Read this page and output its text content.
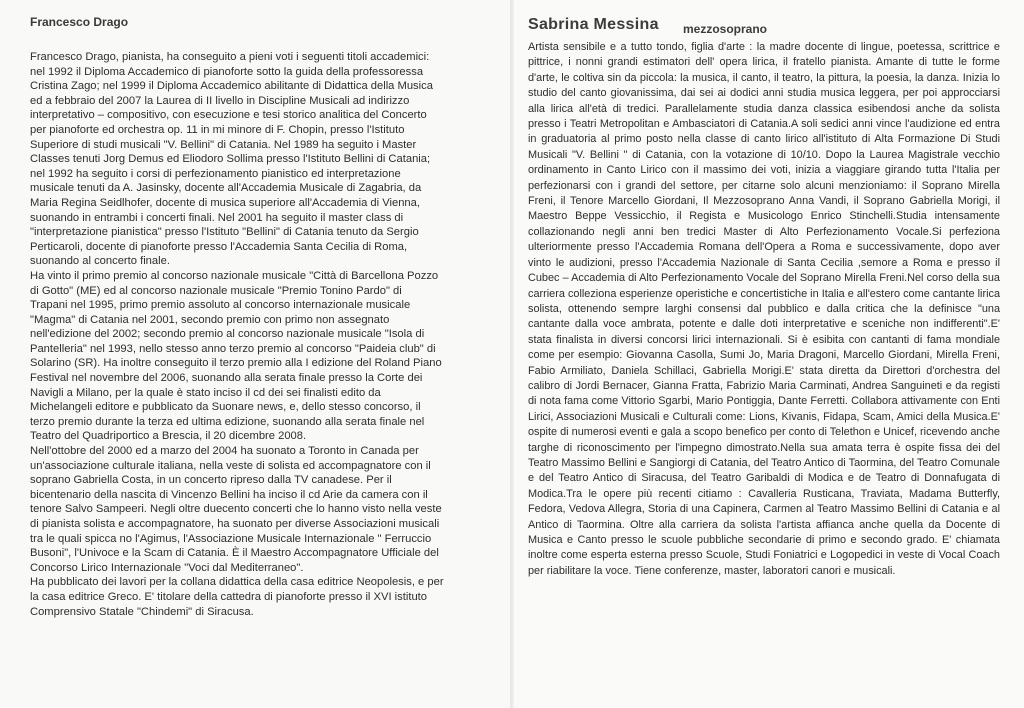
Francesco Drago
Francesco Drago, pianista, ha conseguito a pieni voti i seguenti titoli accademici:
nel 1992 il Diploma Accademico di pianoforte sotto la guida della professoressa
Cristina Zago; nel 1999 il Diploma Accademico abilitante di Didattica della Musica
ed a febbraio del 2007 la Laurea di II livello in Discipline Musicali ad indirizzo
interpretativo – compositivo, con esecuzione e tesi storico analitica del Concerto
per pianoforte ed orchestra op. 11 in mi minore di F. Chopin, presso l'Istituto
Superiore di studi musicali "V. Bellini" di Catania. Nel 1989 ha seguito i Master
Classes tenuti Jorg Demus ed Eliodoro Sollima presso l'Istituto Bellini di Catania;
nel 1992 ha seguito i corsi di perfezionamento pianistico ed interpretazione
musicale tenuti da A. Jasinsky, docente all'Accademia Musicale di Zagabria, da
Maria Regina Seidlhofer, docente di musica superiore all'Accademia di Vienna,
suonando in entrambi i concerti finali. Nel 2001 ha seguito il master class di
"interpretazione pianistica" presso l'Istituto "Bellini" di Catania tenuto da Sergio
Perticaroli, docente di pianoforte presso l'Accademia Santa Cecilia di Roma,
suonando al concerto finale.
Ha vinto il primo premio al concorso nazionale musicale "Città di Barcellona Pozzo
di Gotto" (ME) ed al concorso nazionale musicale "Premio Tonino Pardo" di
Trapani nel 1995, primo premio assoluto al concorso internazionale musicale
"Magma" di Catania nel 2001, secondo premio con primo non assegnato
nell'edizione del 2002; secondo premio al concorso nazionale musicale "Isola di
Pantelleria" nel 1993, nello stesso anno terzo premio al concorso "Paideia club" di
Solarino (SR). Ha inoltre conseguito il terzo premio alla I edizione del Roland Piano
Festival nel novembre del 2006, suonando alla serata finale presso la Corte dei
Navigli a Milano, per la quale è stato inciso il cd dei sei finalisti edito da
Michelangeli editore e pubblicato da Suonare news, e, dello stesso concorso, il
terzo premio durante la terza ed ultima edizione, suonando alla serata finale nel
Teatro del Quadriportico a Brescia, il 20 dicembre 2008.
Nell'ottobre del 2000 ed a marzo del 2004 ha suonato a Toronto in Canada per
un'associazione culturale italiana, nella veste di solista ed accompagnatore con il
soprano Gabriella Costa, in un concerto ripreso dalla TV canadese. Per il
bicentenario della nascita di Vincenzo Bellini ha inciso il cd Arie da camera con il
tenore Salvo Sampeeri. Negli oltre duecento concerti che lo hanno visto nella veste
di pianista solista e accompagnatore, ha suonato per diverse Associazioni musicali
tra le quali spicca no l'Agimus, l'Associazione Musicale Internazionale " Ferruccio
Busoni", l'Univoce e la Scam di Catania. È il Maestro Accompagnatore Ufficiale del
Concorso Lirico Internazionale "Voci dal Mediterraneo".
Ha pubblicato dei lavori per la collana didattica della casa editrice Neopolesis, e per
la casa editrice Greco. E' titolare della cattedra di pianoforte presso il XVI istituto
Comprensivo Statale "Chindemi" di Siracusa.
Sabrina Messina mezzosoprano

Artista sensibile e a tutto tondo, figlia d'arte : la madre docente di lingue, poetessa, scrittrice e pittrice, i nonni grandi estimatori dell' opera lirica, il fratello pianista. Amante di tutte le forme d'arte, le coltiva sin da piccola: la musica, il canto, il teatro, la pittura, la poesia, la danza. Inizia lo studio del canto giovanissima, dai sei ai dodici anni studia musica leggera, per poi approcciarsi alla lirica all'età di tredici. Parallelamente studia danza classica esibendosi anche da solista presso i Teatri Metropolitan e Ambasciatori di Catania.A soli sedici anni vince l'audizione ed entra in graduatoria al primo posto nella classe di canto lirico all'istituto di Alta Formazione Di Studi Musicali "V. Bellini " di Catania, con la votazione di 10/10. Dopo la Laurea Magistrale vecchio ordinamento in Canto Lirico con il massimo dei voti, inizia a viaggiare girando tutta l'Italia per perfezionarsi con i grandi del settore, per citarne solo alcuni menzioniamo: il Soprano Mirella Freni, il Tenore Marcello Giordani, Il Mezzosoprano Anna Vandi, il Soprano Gabriella Morigi, il Maestro Beppe Vessicchio, il Regista e Musicologo Enrico Stinchelli.Studia intensamente collazionando negli anni ben tredici Master di Alto Perfezionamento Vocale.Si perfeziona ulteriormente presso l'Accademia Romana dell'Opera a Roma e successivamente, dopo aver vinto le audizioni, presso l'Accademia Nazionale di Santa Cecilia ,semore a Roma e presso il Cubec – Accademia di Alto Perfezionamento Vocale del Soprano Mirella Freni.Nel corso della sua carriera colleziona esperienze operistiche e concertistiche in Italia e all'estero come cantante lirica solista, ottenendo sempre larghi consensi dal pubblico e dalla critica che la definisce "una cantante dalla voce ambrata, potente e dalle doti interpretative e sceniche non indifferenti".E' stata finalista in diversi concorsi lirici internazionali. Si è esibita con cantanti di fama mondiale come per esempio: Giovanna Casolla, Sumi Jo, Maria Dragoni, Marcello Giordani, Mirella Freni, Fabio Armiliato, Daniela Schillaci, Gabriella Morigi.E' stata diretta da Direttori d'orchestra del calibro di Jordi Bernacer, Gianna Fratta, Fabrizio Maria Carminati, Andrea Sanguineti e da registi di nota fama come Vittorio Sgarbi, Mario Pontiggia, Dante Ferretti. Collabora attivamente con Enti Lirici, Associazioni Musicali e Culturali come: Lions, Kivanis, Fidapa, Scam, Amici della Musica.E' ospite di numerosi eventi e gala a scopo benefico per conto di Telethon e Unicef, ricevendo anche targhe di riconoscimento per l'impegno dimostrato.Nella sua amata terra è ospite fissa dei del Teatro Massimo Bellini e Sangiorgi di Catania, del Teatro Antico di Taormina, del Teatro Comunale e del Teatro Antico di Siracusa, del Teatro Garibaldi di Modica e de Teatro di Donnafugata di Modica.Tra le opere più recenti citiamo : Cavalleria Rusticana, Traviata, Madama Butterfly, Fedora, Vedova Allegra, Storia di una Capinera, Carmen al Teatro Massimo Bellini di Catania e al Antico di Taormina. Oltre alla carriera da solista l'artista affianca anche quella da Docente di Musica e Canto presso le scuole pubbliche secondarie di primo e secondo grado. E' chiamata inoltre come esperta esterna presso Scuole, Studi Foniatrici e Logopedici in veste di Vocal Coach per riabilitare la voce. Tiene conferenze, master, laboratori canori e musicali.
